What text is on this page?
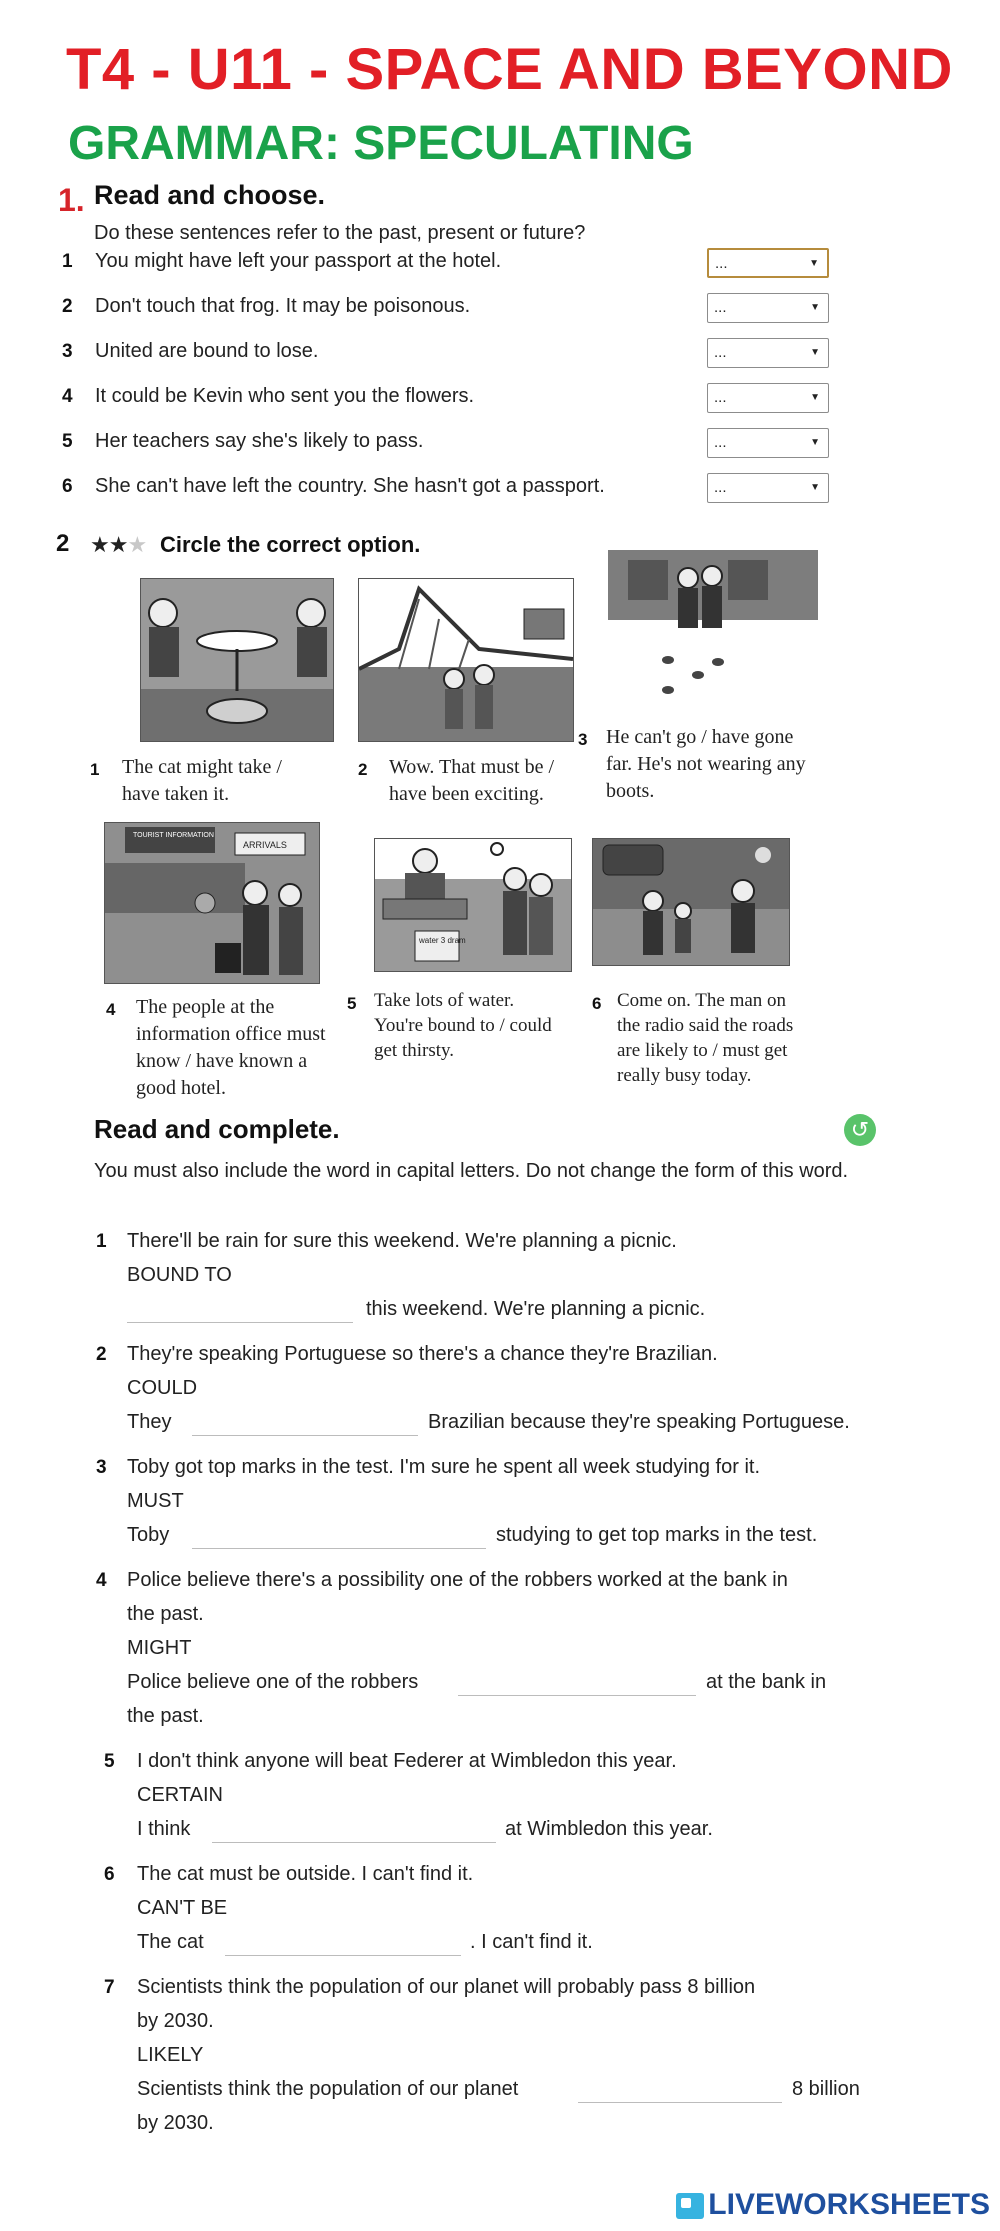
T4 - U11 - SPACE AND BEYOND
GRAMMAR: SPECULATING
1. Read and choose.
Do these sentences refer to the past, present or future?
1 You might have left your passport at the hotel.	...	▼
2 Don't touch that frog. It may be poisonous.	...	▼
3 United are bound to lose.	...	▼
4 It could be Kevin who sent you the flowers.	...	▼
5 Her teachers say she's likely to pass.	...	▼
6 She can't have left the country. She hasn't got a passport.	...	▼
2 ★★★ Circle the correct option.
1 The cat might take /
have taken it.
2 Wow. That must be /
have been exciting.
3 He can't go / have gone
far. He's not wearing any
boots.
TOURIST INFORMATION
ARRIVALS
4 The people at the
information office must
know / have known a
good hotel.
water 3 dram
5 Take lots of water.
You're bound to / could
get thirsty.
6 Come on. The man on
the radio said the roads
are likely to / must get
really busy today.
Read and complete.	↺
You must also include the word in capital letters. Do not change the form of this word.
1 There'll be rain for sure this weekend. We're planning a picnic.
BOUND TO
this weekend. We're planning a picnic.
2 They're speaking Portuguese so there's a chance they're Brazilian.
COULD
They	Brazilian because they're speaking Portuguese.
3 Toby got top marks in the test. I'm sure he spent all week studying for it.
MUST
Toby	studying to get top marks in the test.
4 Police believe there's a possibility one of the robbers worked at the bank in
the past.
MIGHT
Police believe one of the robbers	at the bank in
the past.
5 I don't think anyone will beat Federer at Wimbledon this year.
CERTAIN
I think	at Wimbledon this year.
6 The cat must be outside. I can't find it.
CAN'T BE
The cat	. I can't find it.
7 Scientists think the population of our planet will probably pass 8 billion
by 2030.
LIKELY
Scientists think the population of our planet	8 billion
by 2030.
LIVEWORKSHEETS
